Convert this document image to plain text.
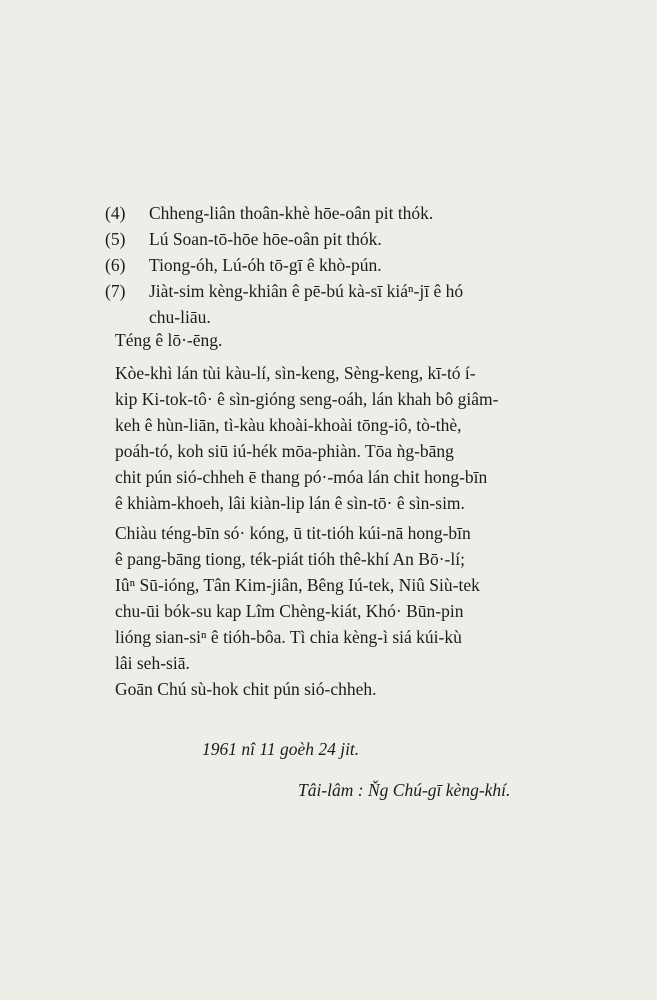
(4)	Chheng-liân thoân-khè hōe-oân pit thók.
(5)	Lú Soan-tō-hōe hōe-oân pit thók.
(6)	Tiong-óh, Lú-óh tō-gī ê khò-pún.
(7)	Jiàt-sim kèng-khiân ê pē-bú kà-sī kiáⁿ-jī ê hó
chu-liāu.
Téng ê lō·-ēng.
Kòe-khì lán tùi kàu-lí, sìn-keng, Sèng-keng, kī-tó í-
kip Ki-tok-tô· ê sìn-gióng seng-oáh, lán khah bô giâm-
keh ê hùn-liān, tì-kàu khoài-khoài tōng-iô, tò-thè,
poáh-tó, koh siū iú-hék mōa-phiàn. Tōa ǹg-bāng
chit pún sió-chheh ē thang pó·-móa lán chit hong-bīn
ê khiàm-khoeh, lâi kiàn-lip lán ê sìn-tō· ê sìn-sim.
Chiàu téng-bīn só· kóng, ū tit-tióh kúi-nā hong-bīn
ê pang-bāng tiong, ték-piát tióh thê-khí An Bō·-lí;
Iûⁿ Sū-ióng, Tân Kim-jiân, Bêng Iú-tek, Niû Siù-tek
chu-ūi bók-su kap Lîm Chèng-kiát, Khó· Būn-pin
lióng sian-siⁿ ê tióh-bôa. Tì chia kèng-ì siá kúi-kù
lâi seh-siā.
Goān Chú sù-hok chit pún sió-chheh.
1961 nî 11 goèh 24 jit.
Tâi-lâm : Ňg Chú-gī kèng-khí.
